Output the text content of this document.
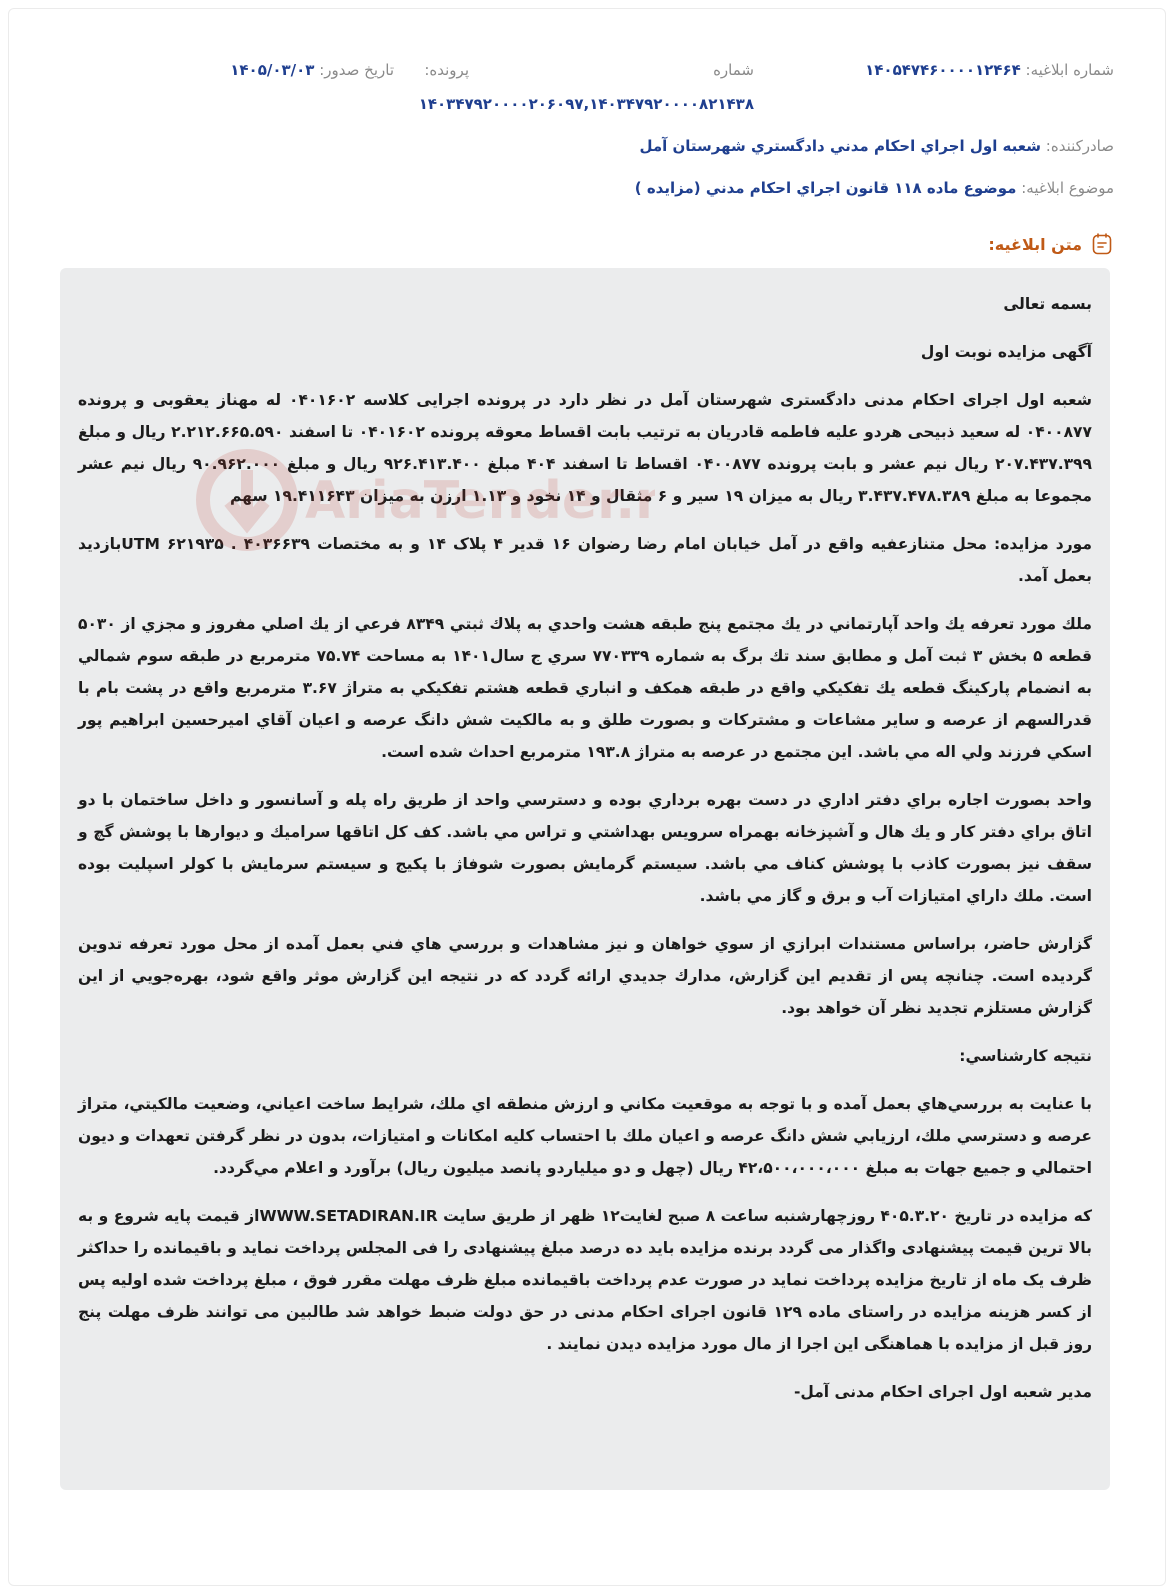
شماره ابلاغیه: ۱۴۰۵۴۷۴۶۰۰۰۰۱۲۴۶۴
شماره
پرونده:
تاریخ صدور: ۱۴۰۵/۰۳/۰۳
۱۴۰۳۴۷۹۲۰۰۰۰۲۰۶۰۹۷,۱۴۰۳۴۷۹۲۰۰۰۰۸۲۱۴۳۸
صادرکننده: شعبه اول اجراي احکام مدني دادگستري شهرستان آمل
موضوع ابلاغیه: موضوع ماده ۱۱۸ قانون اجراي احکام مدني (مزايده )
متن ابلاغیه:

بسمه تعالی

آگهی مزایده نوبت اول

شعبه اول اجرای احکام مدنی دادگستری شهرستان آمل در نظر دارد در پرونده اجرایی کلاسه ۰۴۰۱۶۰۲ له مهناز یعقوبی و پرونده ۰۴۰۰۸۷۷ له سعید ذبیحی هردو علیه فاطمه قادریان به ترتیب بابت اقساط معوقه پرونده ۰۴۰۱۶۰۲ تا اسفند ۲.۲۱۲.۶۶۵.۵۹۰ ریال و مبلغ ۲۰۷.۴۳۷.۳۹۹ ریال نیم عشر و بابت پرونده ۰۴۰۰۸۷۷ اقساط تا اسفند ۴۰۴ مبلغ ۹۲۶.۴۱۳.۴۰۰ ریال و مبلغ ۹۰.۹۶۲.۰۰۰ ریال نیم عشر مجموعا به مبلغ ۳.۴۳۷.۴۷۸.۳۸۹ ریال به میزان ۱۹ سیر و ۶ مثقال و ۱۴ نخود و ۱.۱۳ ارزن به میزان ۱۹.۴۱۱۶۴۳ سهم

مورد مزایده: محل متنازعفیه واقع در آمل خیابان امام رضا رضوان ۱۶ قدیر ۴ پلاک ۱۴ و به مختصات UTM ۶۲۱۹۳۵ . ۴۰۳۶۶۳۹بازدید بعمل آمد.

ملك مورد تعرفه يك واحد آپارتماني در يك مجتمع پنج طبقه هشت واحدي به پلاك ثبتي ۸۳۴۹ فرعي از يك اصلي مفروز و مجزي از ۵۰۳۰ قطعه ۵ بخش ۳ ثبت آمل و مطابق سند تك برگ به شماره ۷۷۰۳۳۹ سري ج سال۱۴۰۱ به مساحت ۷۵.۷۴ مترمربع در طبقه سوم شمالي به انضمام پاركينگ قطعه يك تفكيكي واقع در طبقه همكف و انباري قطعه هشتم تفكيكي به متراژ ۳.۶۷ مترمربع واقع در پشت بام با قدرالسهم از عرصه و ساير مشاعات و مشتركات و بصورت طلق و به مالكيت شش دانگ عرصه و اعيان آقاي اميرحسين ابراهيم پور اسكي فرزند ولي اله مي باشد. اين مجتمع در عرصه به متراژ ۱۹۳.۸ مترمربع احداث شده است.

واحد بصورت اجاره براي دفتر اداري در دست بهره برداري بوده و دسترسي واحد از طريق راه پله و آسانسور و داخل ساختمان با دو اتاق براي دفتر كار و يك هال و آشپزخانه بهمراه سرويس بهداشتي و تراس مي باشد. كف كل اتاقها سراميك و ديوارها با پوشش گچ و سقف نيز بصورت كاذب با پوشش كناف مي باشد. سيستم گرمايش بصورت شوفاژ با پكيج و سيستم سرمايش با كولر اسپليت بوده است. ملك داراي امتيازات آب و برق و گاز مي باشد.

گزارش حاضر، براساس مستندات ابرازي از سوي خواهان و نيز مشاهدات و بررسي هاي فني بعمل آمده از محل مورد تعرفه تدوين گرديده است. چنانچه پس از تقديم اين گزارش، مدارك جديدي ارائه گردد كه در نتيجه اين گزارش موثر واقع شود، بهره‌جويي از اين گزارش مستلزم تجديد نظر آن خواهد بود.

نتيجه كارشناسي:

با عنايت به بررسي‌هاي بعمل آمده و با توجه به موقعيت مكاني و ارزش منطقه اي ملك، شرايط ساخت اعياني، وضعيت مالكيتي، متراژ عرصه و دسترسي ملك، ارزيابي شش دانگ عرصه و اعيان ملك با احتساب كليه امكانات و امتيازات، بدون در نظر گرفتن تعهدات و ديون احتمالي و جميع جهات به مبلغ ۴۲،۵۰۰،۰۰۰،۰۰۰ ريال (چهل و دو ميلياردو پانصد ميليون ريال) برآورد و اعلام مي‌گردد.

که مزایده در تاریخ ۴۰۵.۳.۲۰ روزچهارشنبه ساعت ۸ صبح لغایت۱۲ ظهر از طریق سایت WWW.SETADIRAN.IRاز قیمت پایه شروع و به بالا ترین قیمت پیشنهادی واگذار می گردد برنده مزایده باید ده درصد مبلغ پیشنهادی را فی المجلس پرداخت نماید و باقیمانده را حداکثر ظرف یک ماه از تاریخ مزایده پرداخت نماید در صورت عدم پرداخت باقیمانده مبلغ ظرف مهلت مقرر فوق ، مبلغ پرداخت شده اولیه پس از کسر هزینه مزایده در راستای ماده ۱۲۹ قانون اجرای احکام مدنی در حق دولت ضبط خواهد شد طالبین می توانند ظرف مهلت پنج روز قبل از مزایده با هماهنگی این اجرا از مال مورد مزایده دیدن نمایند .

مدیر شعبه اول اجرای احکام مدنی آمل-
